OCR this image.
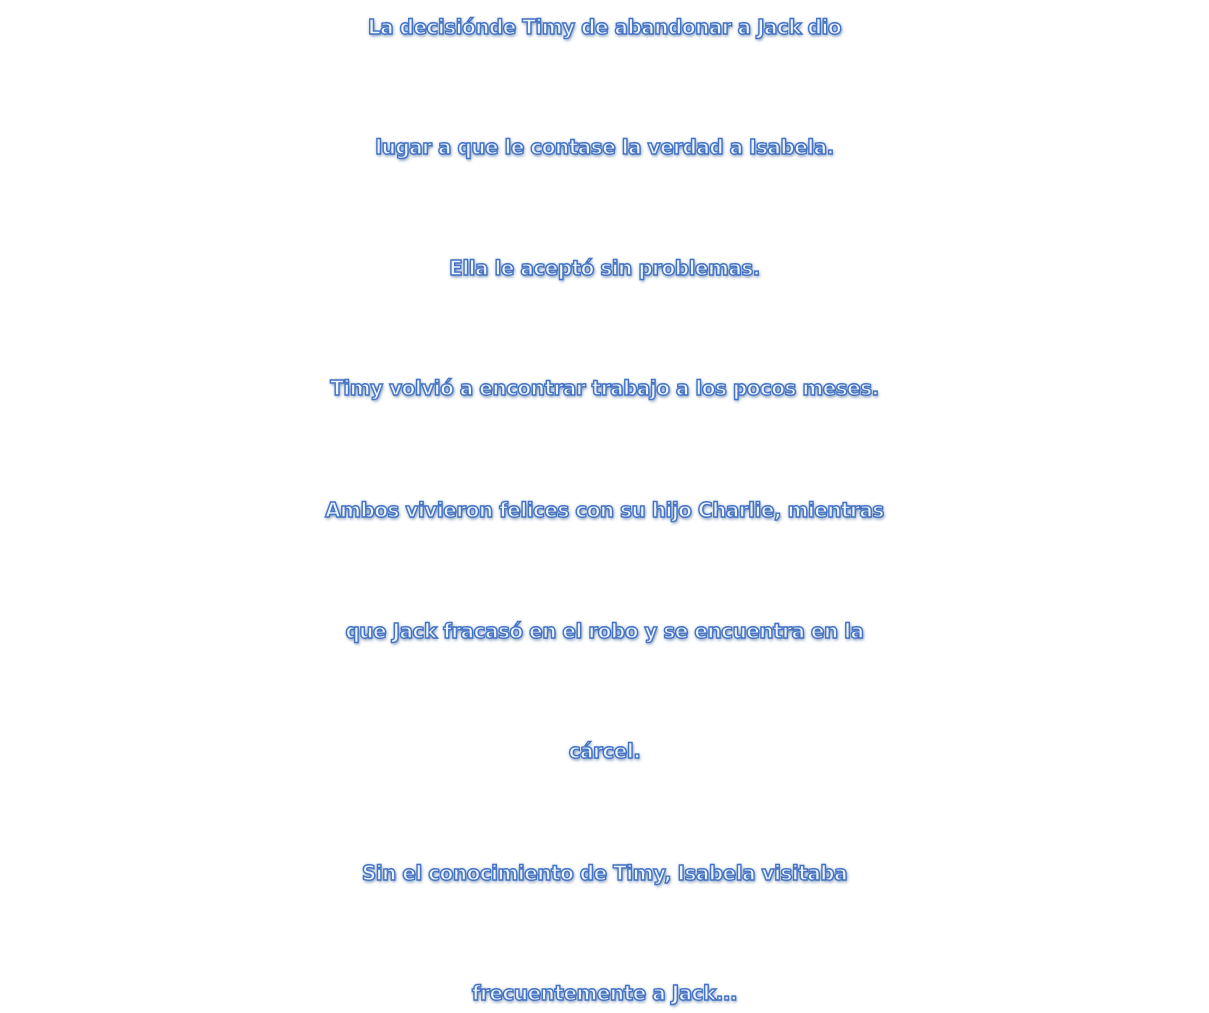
La decisiónde Timy de abandonar a Jack dio
lugar a que le contase la verdad a Isabela.
Ella le aceptó sin problemas.
Timy volvió a encontrar trabajo a los pocos meses.
Ambos vivieron felices con su hijo Charlie, mientras
que Jack fracasó en el robo y se encuentra en la
cárcel.
Sin el conocimiento de Timy, Isabela visitaba
frecuentemente a Jack...
